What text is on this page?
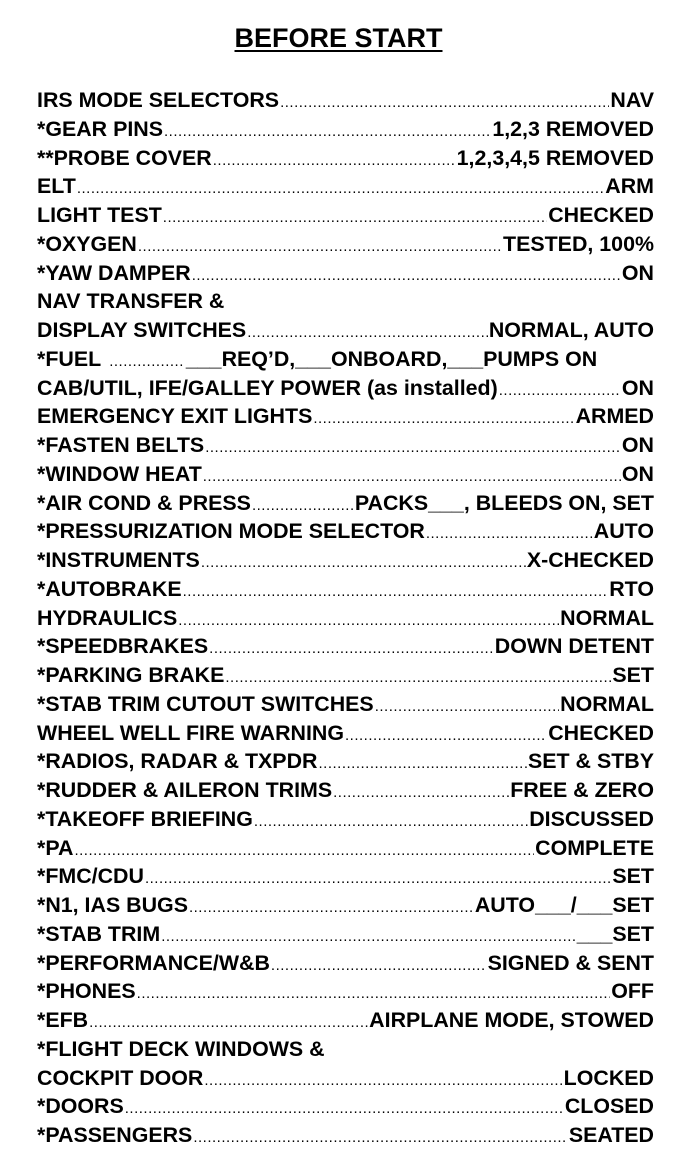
BEFORE START
IRS MODE SELECTORS .....	NAV
*GEAR PINS .....	1,2,3 REMOVED
**PROBE COVER .....	1,2,3,4,5 REMOVED
ELT .....	ARM
LIGHT TEST .....	CHECKED
*OXYGEN .....	TESTED, 100%
*YAW DAMPER .....	ON
NAV TRANSFER &
DISPLAY SWITCHES .....	NORMAL, AUTO
*FUEL ................ ___REQ’D,___ONBOARD,___PUMPS ON
CAB/UTIL, IFE/GALLEY POWER (as installed) .....	ON
EMERGENCY EXIT LIGHTS .....	ARMED
*FASTEN BELTS .....	ON
*WINDOW HEAT .....	ON
*AIR COND & PRESS .....	PACKS___, BLEEDS ON, SET
*PRESSURIZATION MODE SELECTOR .....	AUTO
*INSTRUMENTS .....	X-CHECKED
*AUTOBRAKE .....	RTO
HYDRAULICS .....	NORMAL
*SPEEDBRAKES .....	DOWN DETENT
*PARKING BRAKE .....	SET
*STAB TRIM CUTOUT SWITCHES .....	NORMAL
WHEEL WELL FIRE WARNING .....	CHECKED
*RADIOS, RADAR & TXPDR .....	SET & STBY
*RUDDER & AILERON TRIMS .....	FREE & ZERO
*TAKEOFF BRIEFING .....	DISCUSSED
*PA .....	COMPLETE
*FMC/CDU .....	SET
*N1, IAS BUGS .....	AUTO___/___SET
*STAB TRIM .....	___SET
*PERFORMANCE/W&B .....	SIGNED & SENT
*PHONES .....	OFF
*EFB .....	AIRPLANE MODE, STOWED
*FLIGHT DECK WINDOWS &
COCKPIT DOOR .....	LOCKED
*DOORS .....	CLOSED
*PASSENGERS .....	SEATED
